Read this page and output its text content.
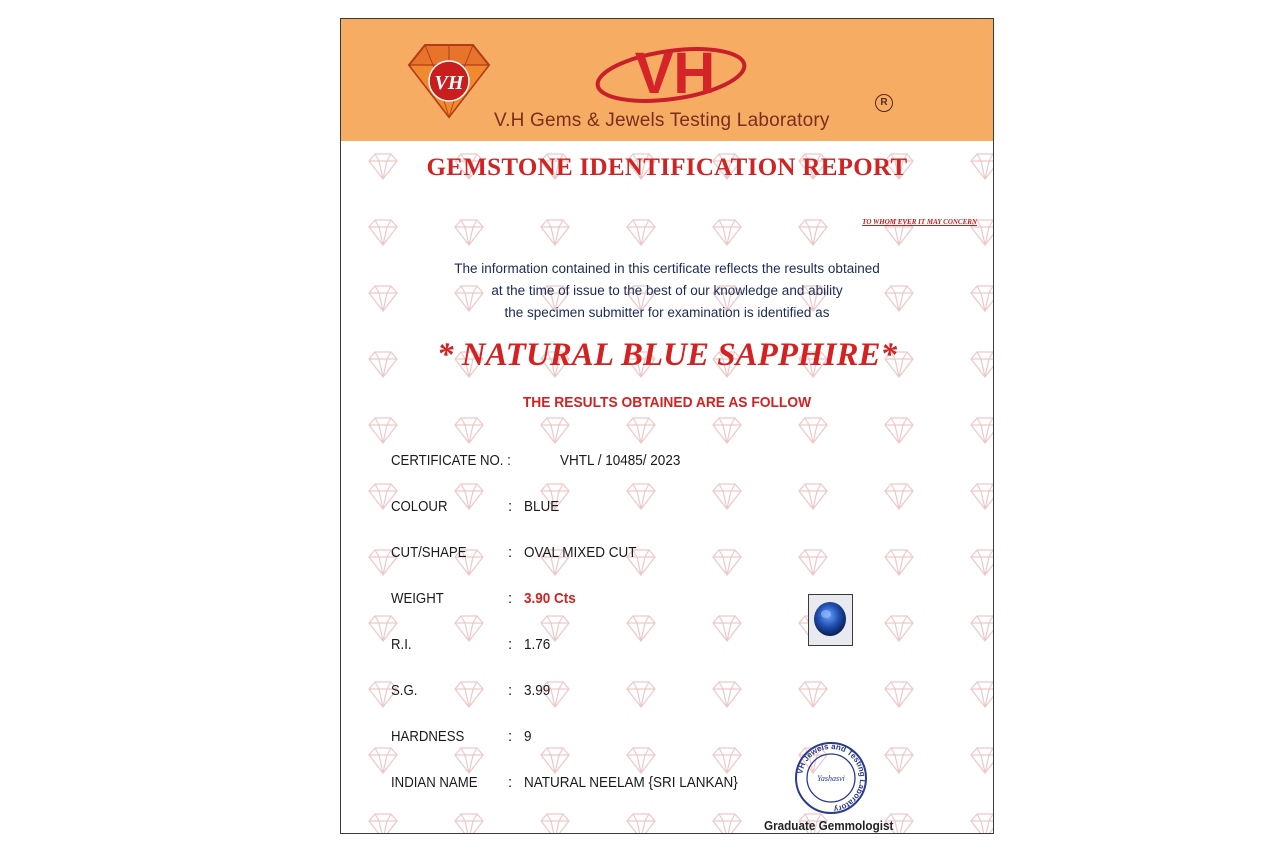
VH	VH
V.H Gems & Jewels Testing Laboratory
R
GEMSTONE IDENTIFICATION REPORT
TO WHOM EVER IT MAY CONCERN
The information contained in this certificate reflects the results obtained
at the time of issue to the best of our knowledge and ability
the specimen submitter for examination is identified as
* NATURAL BLUE SAPPHIRE*
THE RESULTS OBTAINED ARE AS FOLLOW
CERTIFICATE NO. :	VHTL / 10485/ 2023
COLOUR	: BLUE
CUT/SHAPE	: OVAL MIXED CUT
WEIGHT	: 3.90 Cts
R.I.	: 1.76
S.G.	: 3.99
HARDNESS	: 9
INDIAN NAME : NATURAL NEELAM {SRI LANKAN}
VH Jewels and Testing Laboratory
Yashasvi
Graduate Gemmologist
